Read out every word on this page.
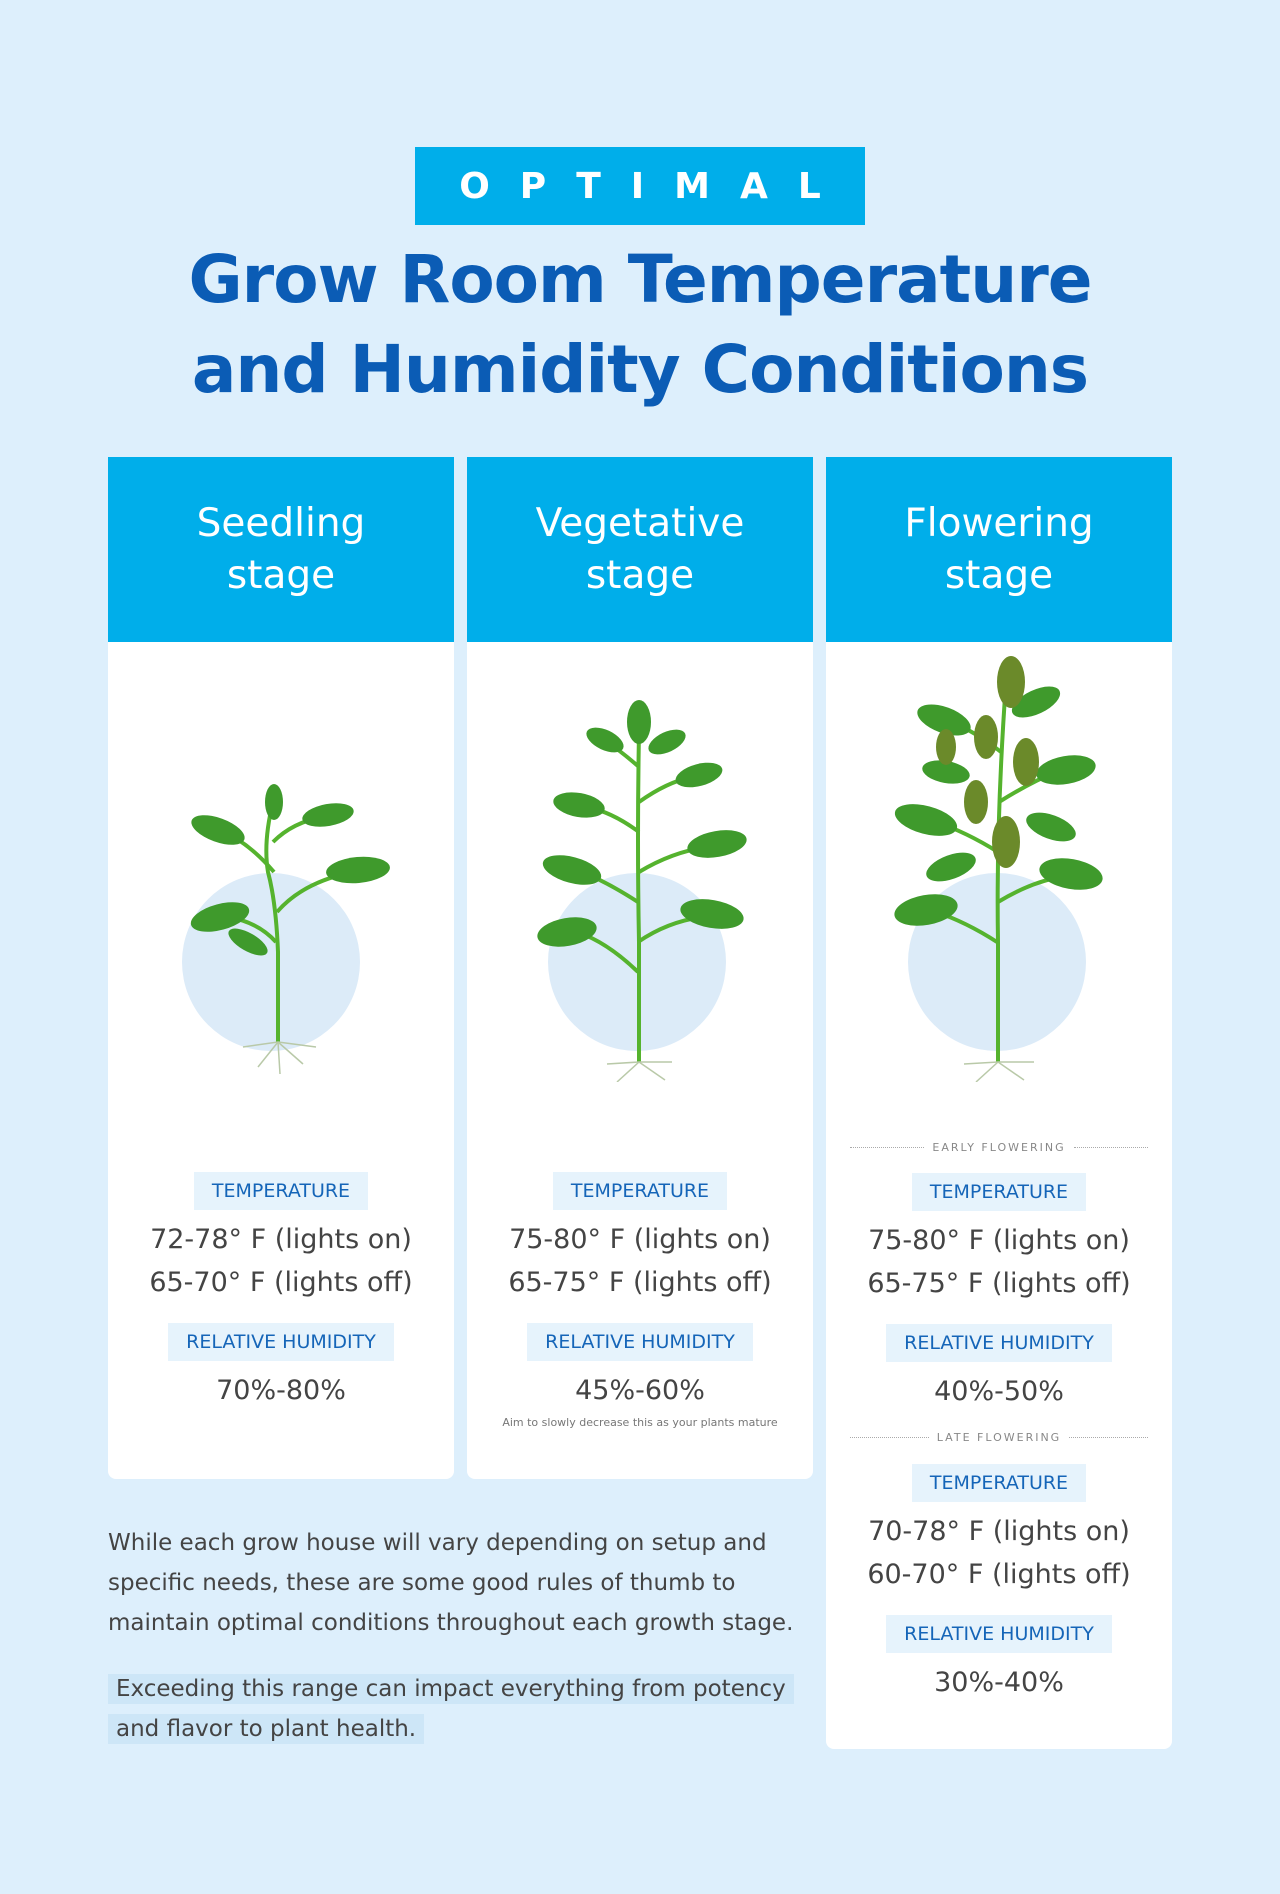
OPTIMAL
Grow Room Temperature
and Humidity Conditions
Seedling
stage
TEMPERATURE
72-78° F (lights on)
65-70° F (lights off)
RELATIVE HUMIDITY
70%-80%
Vegetative
stage
TEMPERATURE
75-80° F (lights on)
65-75° F (lights off)
RELATIVE HUMIDITY
45%-60%
Aim to slowly decrease this as your plants mature
Flowering
stage
EARLY FLOWERING
TEMPERATURE
75-80° F (lights on)
65-75° F (lights off)
RELATIVE HUMIDITY
40%-50%
LATE FLOWERING
TEMPERATURE
70-78° F (lights on)
60-70° F (lights off)
RELATIVE HUMIDITY
30%-40%
While each grow house will vary depending on setup and specific needs, these are some good rules of thumb to maintain optimal conditions throughout each growth stage.
Exceeding this range can impact everything from potency and flavor to plant health.
